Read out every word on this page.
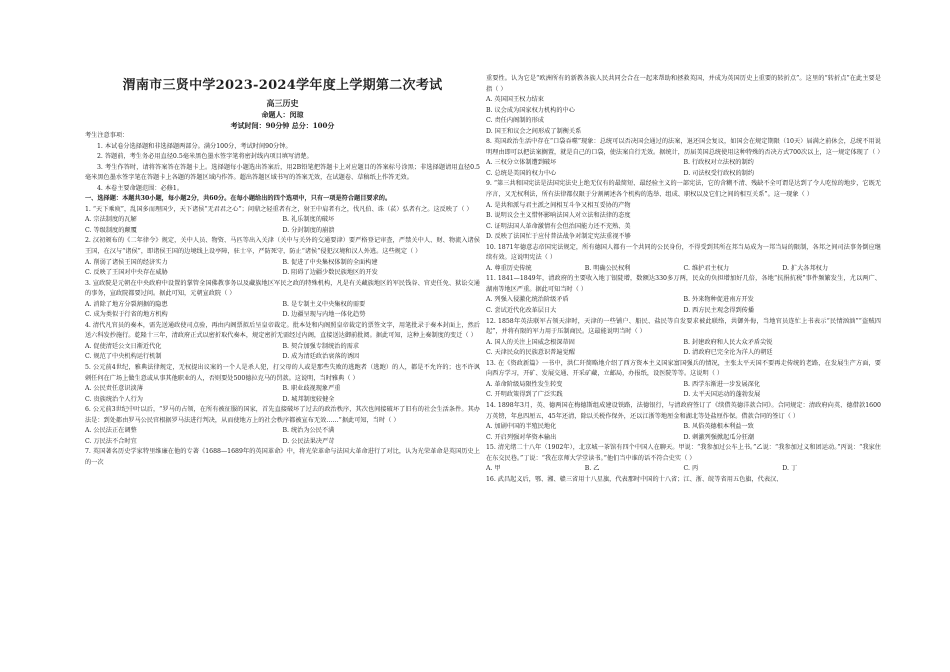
渭南市三贤中学2023-2024学年度上学期第二次考试
高三历史
命题人：闵琼
考试时间：90分钟 总分：100分

考生注意事项：

1. 本试卷分选择题和非选择题两部分。满分100分，考试时间90分钟。

2. 答题前，考生务必用直径0.5毫米黑色墨水签字笔将密封线内项目填写清楚。

3. 考生作答时，请将答案答在答题卡上。选择题每小题选出答案后，用2B铅笔把答题卡上对应题目的答案标号涂黑；非选择题请用直径0.5毫米黑色墨水签字笔在答题卡上各题的答题区域内作答。超出答题区域书写的答案无效，在试题卷、草稿纸上作答无效。

4. 本卷主要命题范围：必修1。

一、选择题：本题共30小题，每小题2分，共60分。在每小题给出的四个选项中，只有一项是符合题目要求的。

1. “天下乘庾”，乱国多而理国少，天下诸侯“无君君之心”；问鼎之轻重者有之，射王中肩者有之，伐凡伯、诛（苌）弘者有之。这反映了（ ）

A. 宗法制度的瓦解	B. 礼乐制度的破坏
C. 等级制度的颠覆	D. 分封制度的崩溃

2. 汉初颁布的《二年律令》规定，关中人员、物资、马匹等出入关津（关中与关外的交通要津）要严格登记审查，严禁关中人、财、物流入诸侯王国，在汉与“诸侯”，即诸侯王国的边境线上设亭障，驻士卒，严防死守，防止“诸侯”侵犯汉境和汉人外逃。这些规定（ ）

A. 削弱了诸侯王国的经济实力	B. 促进了中央集权体制的全面构建
C. 反映了王国对中央存在威胁	D. 阻碍了边疆少数民族地区的开发

3. 宣政院是元朝在中央政府中设置的掌管全国佛教事务以及藏族地区军民之政的特殊机构，凡是有关藏族地区的军民钱谷、官吏任免、狱讼交通的事务，宣政院都要过问。据此可知，元朝宣政院（ ）

A. 消除了地方分裂割据的隐患	B. 是专制主义中央集权的需要
C. 成为类似于行省的地方机构	D. 边疆呈现与内地一体化趋势

4. 清代凡官员的奏本，需先送通政使司点验，再由内阁票拟后呈皇帝裁定。批本处和内阁照皇帝裁定的票签文字，用笔批录于奏本封面上，然后送六科发抄施行。乾隆十三年，清政府正式以密折取代奏本，规定密折无需经过内阁，直接送达御前批阅。据此可知，这种上奏制度的变迁（ ）

A. 促使清廷公文日渐近代化	B. 契合加强专制统治的需求
C. 规范了中央机构运行机制	D. 成为清廷政治衰落的诱因

5. 公元前4世纪，雅典法律规定，无权提出议案的一个人是杀人犯，打父母的人或是那些失败的逃跑者（逃跑）的人，都是不允许的；也不许讽刺任何在广场上做生意或从事其他职业的人，否则要处500德拉克马的罚款。这说明，当时雅典（ ）

A. 公民责任意识淡薄	B. 职业歧视现象严重
C. 贵族统治个人行为	D. 城邦制度较健全

6. 公元前3世纪中叶以后，“罗马的占领，在所有被征服的国家，首先直接破坏了过去的政治秩序，其次也间接破坏了旧有的社会生活条件。其办法是：到处都由罗马公民官根据罗马法进行判决，从而使地方上的社会秩序都被宣布无效……”据此可知，当时（ ）

A. 公民法正在调整	B. 统治为公民不满
C. 万民法不合时宜	D. 公民法果决严苛

7. 英国著名历史学家特里维廉在他的专著《1688—1689年的英国革命》中，将光荣革命与法国大革命进行了对比，认为光荣革命是英国历史上的一次

重要性。认为它是“欧洲所有的新教各族人民共同会合在一起来帮助和拯救英国，并成为英国历史上重要的转折点”。这里的“转折点”在此主要是指（ ）

A. 英国国王权力结束
B. 议会成为国家权力机构的中心
C. 责任内阁制的形成
D. 国王和议会之间形成了制衡关系

8. 英国政治生活中存在“口袋吞噬”现象：总统可以否决国会通过的法案，退还国会复议，如国会在规定期限（10天）届满之前休会，总统不用说明理由即可以把法案搁置，就是自己的口袋，使法案自行无效。据统计，历届美国总统使用这种特殊的否决方式700次以上，这一规定体现了（ ）

A. 三权分立体制遭到破坏	B. 行政权对立法权的制约
C. 总统是美国的权力中心	D. 司法权受行政权的制约

9. “第三共和国宪法是法国宪法史上绝无仅有的最简短、最经验主义的一部宪法，它的含糊不清、残缺不全可谓是达到了令人吃惊的地步，它既无序言，又无权利法，所有法律都仅限于分割阐述各个机构的选举、组成、职权以及它们之间的相互关系”。这一现象（ ）

A. 是共和派与君主派之间相互斗争又相互妥协的产物
B. 说明议会主义惜怀影响法国人对立法和法律的态度
C. 证明法国人革命激情有会但治国能力还不充熟、美
D. 反映了法国忙于应付普法战争对制定宪法重视不够

10. 1871年德意志帝国宪法规定，所有德国人都有一个共同的公民身份，不得受到其所在邦当局成为一邦当局的限制，各邦之间司法事务倒应继续有效。这说明宪法（ ）

A. 尊重历史传统	B. 明确公民权利	C. 维护君主权力	D. 扩大各邦权力

11. 1841—1849年，清政府的主要收入地丁银陡增，数额达330多万两，民众的负担增加好几倍，各地“抗捐抗税”事件频繁发生，尤以两广、湖南等地区严重。据此可知当时（ ）

A. 列强入侵激化统治阶级矛盾	B. 外来物种促进南方开发
C. 尝试近代化改革层日大	D. 西方民主观念得到传播

12. 1858年英法联军占领天津时，天津的一些铺户、船民、盐民等自发要求被此联络，共御外侮，当地官员连忙上书表示“民情汹汹”“盗贼四起”，并将有限的军力用于压制商民。这最能说明当时（ ）

A. 国人的关注上国威念根深蒂固	B. 封建政府和人民大众矛盾尖锐
C. 天津民众的民族意识普遍觉醒	D. 清政府已完全沦为洋人的朝廷

13. 在《资政新篇》一书中，洪仁玕简略地介绍了西方资本主义国家富国强兵的情况，主张太平天国不要再走传统的老路，在发展生产方面，要向西方学习，开矿、发展交通、开采矿藏，立邮局，办报纸，设医院等等。这说明（ ）

A. 革命阶级局限性发生转变	B. 西学东渐进一步发展深化
C. 开明政策得到了广泛实践	D. 太平天国运动的蓬勃发展

14. 1898年3月，英、德两国在梅德斯组成建设铁路，法德银行，与清政府签订了《续借英德洋款合同》。合同规定：清政府向英、德借款1600万英镑，年息四厘五，45年还清，除以关税作保外，还以江浙等地厘金和湖北等处盐厘作保。借款合同的签订（ ）

A. 加剧中国的半殖民地化	B. 风俗英德根本利益一致
C. 开启列强对华资本输出	D. 刺激列强掀起瓜分狂潮

15. 清光绪二十八年（1902年），北京城一茶馆有四个中国人在聊天。甲说：“我参加过公车上书。”乙说：“我参加过义和团运动。”丙说：“我家住在东交民巷。”丁说：“我在京师大学堂读书。”他们当中谁的话不符合史实（ ）

A. 甲	B. 乙	C. 丙	D. 丁

16. 武昌起义后，鄂、湘、赣三省用十八星旗，代表那时中国的十八省；江、浙、皖等省用五色旗，代表汉、
